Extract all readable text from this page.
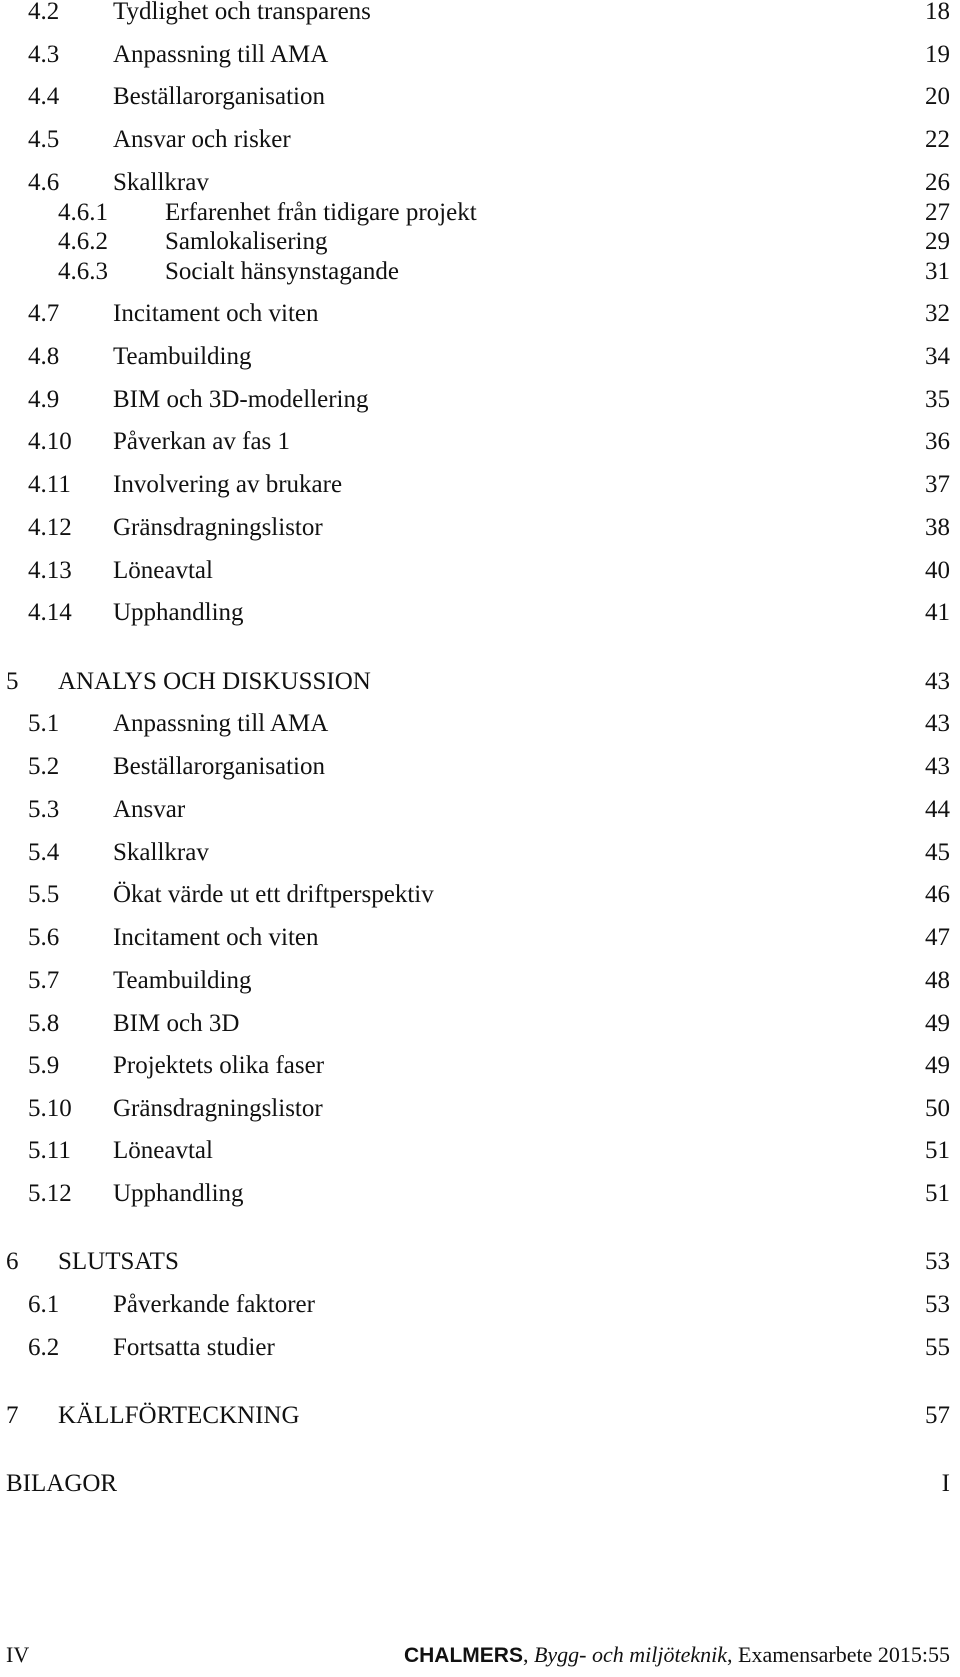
4.2 Tydlighet och transparens	18
4.3 Anpassning till AMA	19
4.4 Beställarorganisation	20
4.5 Ansvar och risker	22
4.6 Skallkrav	26
4.6.1 Erfarenhet från tidigare projekt	27
4.6.2 Samlokalisering	29
4.6.3 Socialt hänsynstagande	31
4.7 Incitament och viten	32
4.8 Teambuilding	34
4.9 BIM och 3D-modellering	35
4.10 Påverkan av fas 1	36
4.11 Involvering av brukare	37
4.12 Gränsdragningslistor	38
4.13 Löneavtal	40
4.14 Upphandling	41
5 ANALYS OCH DISKUSSION	43
5.1 Anpassning till AMA	43
5.2 Beställarorganisation	43
5.3 Ansvar	44
5.4 Skallkrav	45
5.5 Ökat värde ut ett driftperspektiv	46
5.6 Incitament och viten	47
5.7 Teambuilding	48
5.8 BIM och 3D	49
5.9 Projektets olika faser	49
5.10 Gränsdragningslistor	50
5.11 Löneavtal	51
5.12 Upphandling	51
6 SLUTSATS	53
6.1 Påverkande faktorer	53
6.2 Fortsatta studier	55
7 KÄLLFÖRTECKNING	57
BILAGOR	I
IV	CHALMERS, Bygg- och miljöteknik, Examensarbete 2015:55
